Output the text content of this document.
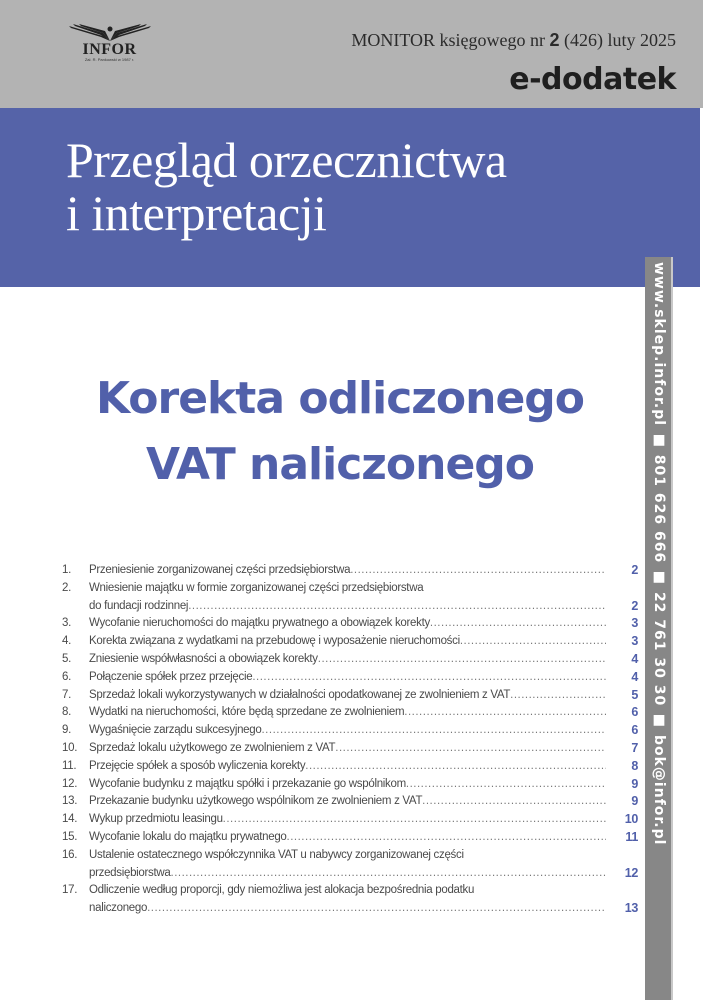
INFOR
Zał. R. Pankowski w 1987 r.
MONITOR księgowego nr 2 (426) luty 2025
e-dodatek
Przegląd orzecznictwa
i interpretacji
www.sklep.infor.pl ■ 801 626 666 ■ 22 761 30 30 ■ bok@infor.pl
Korekta odliczonego
VAT naliczonego
1.	Przeniesienie zorganizowanej części przedsiębiorstwa .....	2
2.	Wniesienie majątku w formie zorganizowanej części przedsiębiorstwa
do fundacji rodzinnej .....	2
3.	Wycofanie nieruchomości do majątku prywatnego a obowiązek korekty .....	3
4.	Korekta związana z wydatkami na przebudowę i wyposażenie nieruchomości .....	3
5.	Zniesienie współwłasności a obowiązek korekty .....	4
6.	Połączenie spółek przez przejęcie .....	4
7.	Sprzedaż lokali wykorzystywanych w działalności opodatkowanej ze zwolnieniem z VAT .....	5
8.	Wydatki na nieruchomości, które będą sprzedane ze zwolnieniem .....	6
9.	Wygaśnięcie zarządu sukcesyjnego .....	6
10.	Sprzedaż lokalu użytkowego ze zwolnieniem z VAT .....	7
11.	Przejęcie spółek a sposób wyliczenia korekty .....	8
12.	Wycofanie budynku z majątku spółki i przekazanie go wspólnikom .....	9
13.	Przekazanie budynku użytkowego wspólnikom ze zwolnieniem z VAT .....	9
14.	Wykup przedmiotu leasingu .....	10
15.	Wycofanie lokalu do majątku prywatnego .....	11
16.	Ustalenie ostatecznego współczynnika VAT u nabywcy zorganizowanej części
przedsiębiorstwa .....	12
17.	Odliczenie według proporcji, gdy niemożliwa jest alokacja bezpośrednia podatku
naliczonego .....	13
